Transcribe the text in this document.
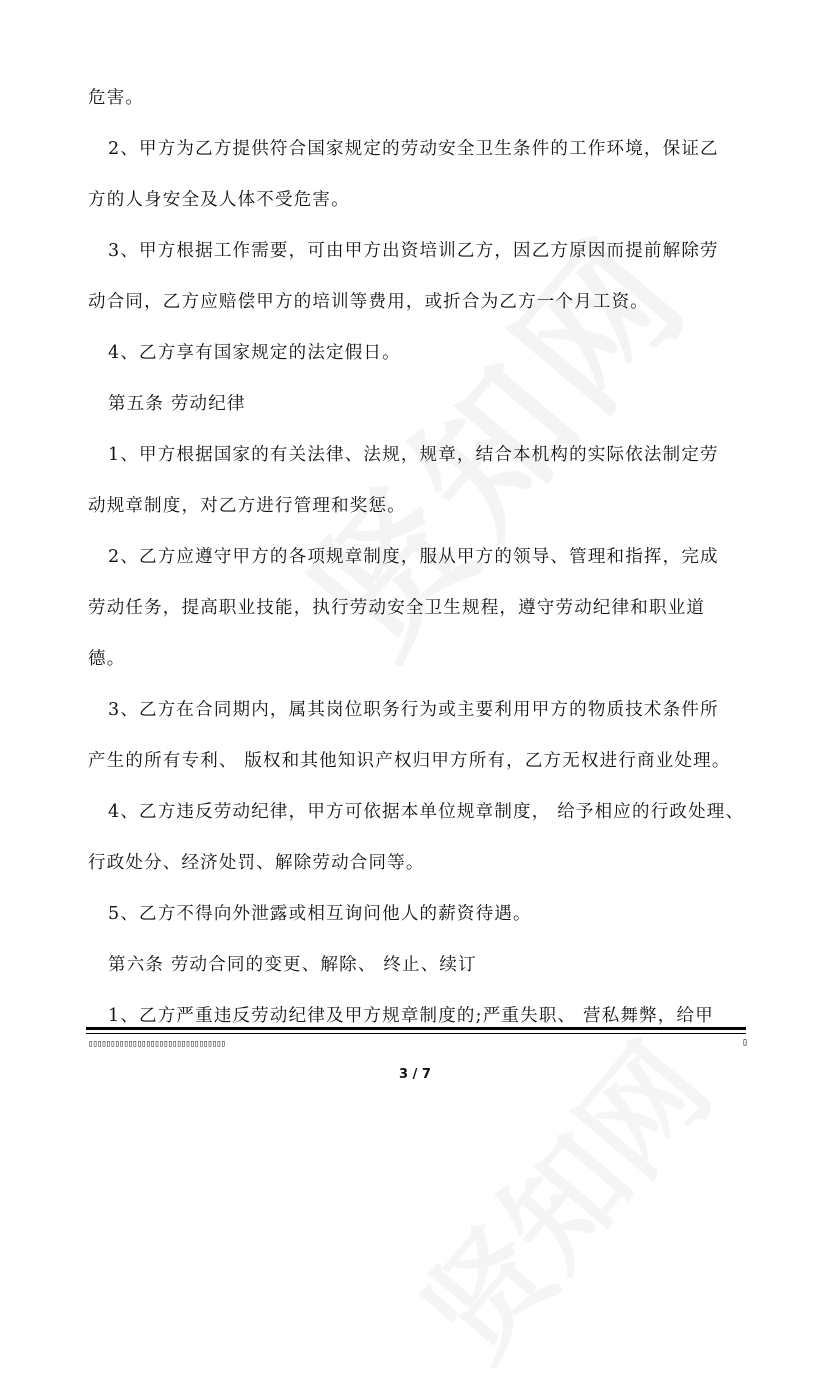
危害。
2、甲方为乙方提供符合国家规定的劳动安全卫生条件的工作环境，保证乙
方的人身安全及人体不受危害。
3、甲方根据工作需要，可由甲方出资培训乙方，因乙方原因而提前解除劳
动合同，乙方应赔偿甲方的培训等费用，或折合为乙方一个月工资。
4、乙方享有国家规定的法定假日。
第五条 劳动纪律
1、甲方根据国家的有关法律、法规，规章，结合本机构的实际依法制定劳
动规章制度，对乙方进行管理和奖惩。
2、乙方应遵守甲方的各项规章制度，服从甲方的领导、管理和指挥，完成
劳动任务，提高职业技能，执行劳动安全卫生规程，遵守劳动纪律和职业道
德。
3、乙方在合同期内，属其岗位职务行为或主要利用甲方的物质技术条件所
产生的所有专利、 版权和其他知识产权归甲方所有，乙方无权进行商业处理。
4、乙方违反劳动纪律，甲方可依据本单位规章制度， 给予相应的行政处理、
行政处分、经济处罚、解除劳动合同等。
5、乙方不得向外泄露或相互询问他人的薪资待遇。
第六条 劳动合同的变更、解除、 终止、续订
1、乙方严重违反劳动纪律及甲方规章制度的;严重失职、 营私舞弊，给甲
▯▯▯▯▯▯▯▯▯▯▯▯▯▯▯▯▯▯▯▯▯▯▯▯▯▯▯▯▯▯▯	▯
3 / 7
